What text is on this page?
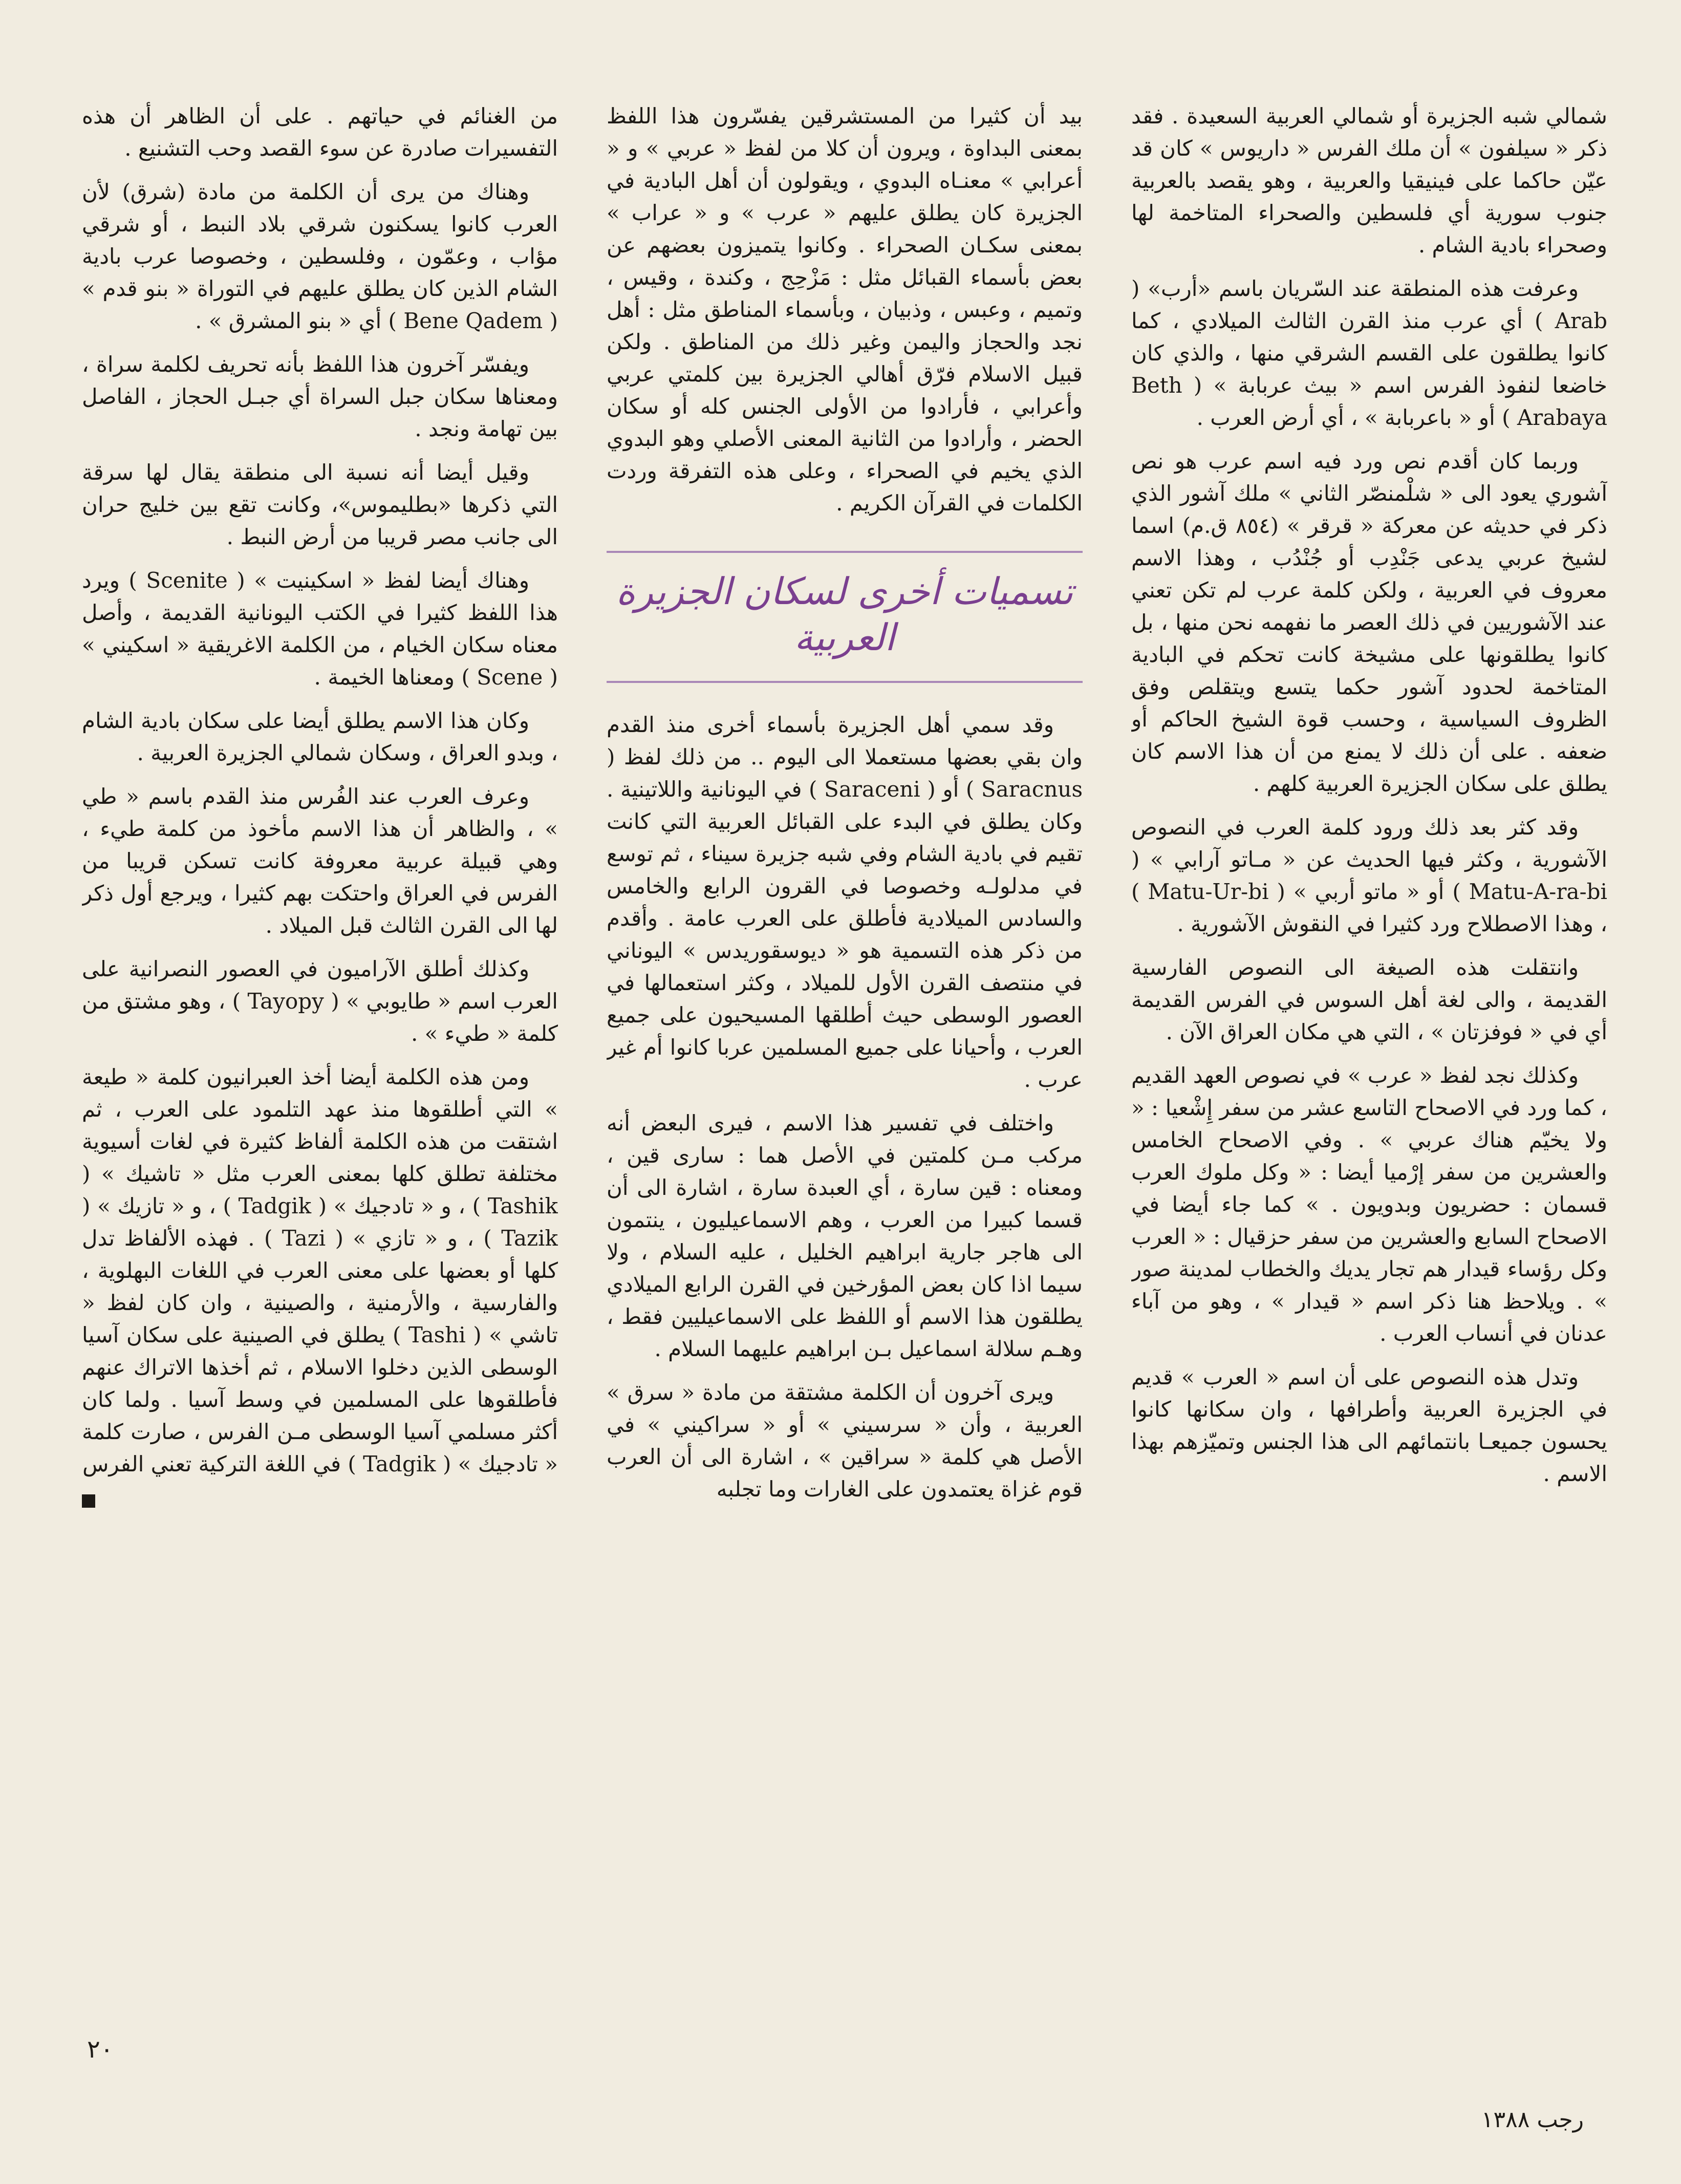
شمالي شبه الجزيرة أو شمالي العربية السعيدة . فقد ذكر « سيلفون » أن ملك الفرس « داريوس » كان قد عيّن حاكما على فينيقيا والعربية ، وهو يقصد بالعربية جنوب سورية أي فلسطين والصحراء المتاخمة لها وصحراء بادية الشام .

وعرفت هذه المنطقة عند السّريان باسم «أرب» ( Arab ) أي عرب منذ القرن الثالث الميلادي ، كما كانوا يطلقون على القسم الشرقي منها ، والذي كان خاضعا لنفوذ الفرس اسم « بيث عربابة » ( Beth Arabaya ) أو « باعربابة » ، أي أرض العرب .

وربما كان أقدم نص ورد فيه اسم عرب هو نص آشوري يعود الى « شلْمنصّر الثاني » ملك آشور الذي ذكر في حديثه عن معركة « قرقر » (٨٥٤ ق.م) اسما لشيخ عربي يدعى جَنْدِب أو جُنْدُب ، وهذا الاسم معروف في العربية ، ولكن كلمة عرب لم تكن تعني عند الآشوريين في ذلك العصر ما نفهمه نحن منها ، بل كانوا يطلقونها على مشيخة كانت تحكم في البادية المتاخمة لحدود آشور حكما يتسع ويتقلص وفق الظروف السياسية ، وحسب قوة الشيخ الحاكم أو ضعفه . على أن ذلك لا يمنع من أن هذا الاسم كان يطلق على سكان الجزيرة العربية كلهم .

وقد كثر بعد ذلك ورود كلمة العرب في النصوص الآشورية ، وكثر فيها الحديث عن « مـاتو آرابي » ( Matu-A-ra-bi ) أو « ماتو أربي » ( Matu-Ur-bi ) ، وهذا الاصطلاح ورد كثيرا في النقوش الآشورية .

وانتقلت هذه الصيغة الى النصوص الفارسية القديمة ، والى لغة أهل السوس في الفرس القديمة أي في « فوفزتان » ، التي هي مكان العراق الآن .

وكذلك نجد لفظ « عرب » في نصوص العهد القديم ، كما ورد في الاصحاح التاسع عشر من سفر إِشْعيا : « ولا يخيّم هناك عربي » . وفي الاصحاح الخامس والعشرين من سفر إرْميا أيضا : « وكل ملوك العرب قسمان : حضريون وبدويون . » كما جاء أيضا في الاصحاح السابع والعشرين من سفر حزقيال : « العرب وكل رؤساء قيدار هم تجار يديك والخطاب لمدينة صور » . ويلاحظ هنا ذكر اسم « قيدار » ، وهو من آباء عدنان في أنساب العرب .

وتدل هذه النصوص على أن اسم « العرب » قديم في الجزيرة العربية وأطرافها ، وان سكانها كانوا يحسون جميعـا بانتمائهم الى هذا الجنس وتميّزهم بهذا الاسم .

بيد أن كثيرا من المستشرقين يفسّرون هذا اللفظ بمعنى البداوة ، ويرون أن كلا من لفظ « عربي » و « أعرابي » معنـاه البدوي ، ويقولون أن أهل البادية في الجزيرة كان يطلق عليهم « عرب » و « عراب » بمعنى سكـان الصحراء . وكانوا يتميزون بعضهم عن بعض بأسماء القبائل مثل : مَزْحِج ، وكندة ، وقيس ، وتميم ، وعبس ، وذبيان ، وبأسماء المناطق مثل : أهل نجد والحجاز واليمن وغير ذلك من المناطق . ولكن قبيل الاسلام فرّق أهالي الجزيرة بين كلمتي عربي وأعرابي ، فأرادوا من الأولى الجنس كله أو سكان الحضر ، وأرادوا من الثانية المعنى الأصلي وهو البدوي الذي يخيم في الصحراء ، وعلى هذه التفرقة وردت الكلمات في القرآن الكريم .

تسميات أخرى لسكان الجزيرة العربية

وقد سمي أهل الجزيرة بأسماء أخرى منذ القدم وان بقي بعضها مستعملا الى اليوم .. من ذلك لفظ ( Saracnus ) أو ( Saraceni ) في اليونانية واللاتينية . وكان يطلق في البدء على القبائل العربية التي كانت تقيم في بادية الشام وفي شبه جزيرة سيناء ، ثم توسع في مدلولـه وخصوصا في القرون الرابع والخامس والسادس الميلادية فأطلق على العرب عامة . وأقدم من ذكر هذه التسمية هو « ديوسقوريدس » اليوناني في منتصف القرن الأول للميلاد ، وكثر استعمالها في العصور الوسطى حيث أطلقها المسيحيون على جميع العرب ، وأحيانا على جميع المسلمين عربا كانوا أم غير عرب .

واختلف في تفسير هذا الاسم ، فيرى البعض أنه مركب مـن كلمتين في الأصل هما : سارى قين ، ومعناه : قين سارة ، أي العبدة سارة ، اشارة الى أن قسما كبيرا من العرب ، وهم الاسماعيليون ، ينتمون الى هاجر جارية ابراهيم الخليل ، عليه السلام ، ولا سيما اذا كان بعض المؤرخين في القرن الرابع الميلادي يطلقون هذا الاسم أو اللفظ على الاسماعيليين فقط ، وهـم سلالة اسماعيل بـن ابراهيم عليهما السلام .

ويرى آخرون أن الكلمة مشتقة من مادة « سرق » العربية ، وأن « سرسيني » أو « سراكيني » في الأصل هي كلمة « سراقين » ، اشارة الى أن العرب قوم غزاة يعتمدون على الغارات وما تجلبه

من الغنائم في حياتهم . على أن الظاهر أن هذه التفسيرات صادرة عن سوء القصد وحب التشنيع .

وهناك من يرى أن الكلمة من مادة (شرق) لأن العرب كانوا يسكنون شرقي بلاد النبط ، أو شرقي مؤاب ، وعمّون ، وفلسطين ، وخصوصا عرب بادية الشام الذين كان يطلق عليهم في التوراة « بنو قدم » ( Bene Qadem ) أي « بنو المشرق » .

ويفسّر آخرون هذا اللفظ بأنه تحريف لكلمة سراة ، ومعناها سكان جبل السراة أي جبـل الحجاز ، الفاصل بين تهامة ونجد .

وقيل أيضا أنه نسبة الى منطقة يقال لها سرقة التي ذكرها «بطليموس»، وكانت تقع بين خليج حران الى جانب مصر قريبا من أرض النبط .

وهناك أيضا لفظ « اسكينيت » ( Scenite ) ويرد هذا اللفظ كثيرا في الكتب اليونانية القديمة ، وأصل معناه سكان الخيام ، من الكلمة الاغريقية « اسكيني » ( Scene ) ومعناها الخيمة .

وكان هذا الاسم يطلق أيضا على سكان بادية الشام ، وبدو العراق ، وسكان شمالي الجزيرة العربية .

وعرف العرب عند الفُرس منذ القدم باسم « طي » ، والظاهر أن هذا الاسم مأخوذ من كلمة طيء ، وهي قبيلة عربية معروفة كانت تسكن قريبا من الفرس في العراق واحتكت بهم كثيرا ، ويرجع أول ذكر لها الى القرن الثالث قبل الميلاد .

وكذلك أطلق الآراميون في العصور النصرانية على العرب اسم « طايوبي » ( Tayopy ) ، وهو مشتق من كلمة « طيء » .

ومن هذه الكلمة أيضا أخذ العبرانيون كلمة « طيعة » التي أطلقوها منذ عهد التلمود على العرب ، ثم اشتقت من هذه الكلمة ألفاظ كثيرة في لغات أسيوية مختلفة تطلق كلها بمعنى العرب مثل « تاشيك » ( Tashik ) ، و « تادجيك » ( Tadgik ) ، و « تازيك » ( Tazik ) ، و « تازي » ( Tazi ) . فهذه الألفاظ تدل كلها أو بعضها على معنى العرب في اللغات البهلوية ، والفارسية ، والأرمنية ، والصينية ، وان كان لفظ « تاشي » ( Tashi ) يطلق في الصينية على سكان آسيا الوسطى الذين دخلوا الاسلام ، ثم أخذها الاتراك عنهم فأطلقوها على المسلمين في وسط آسيا . ولما كان أكثر مسلمي آسيا الوسطى مـن الفرس ، صارت كلمة « تادجيك » ( Tadgik ) في اللغة التركية تعني الفرس

٢٠
رجب ١٣٨٨
